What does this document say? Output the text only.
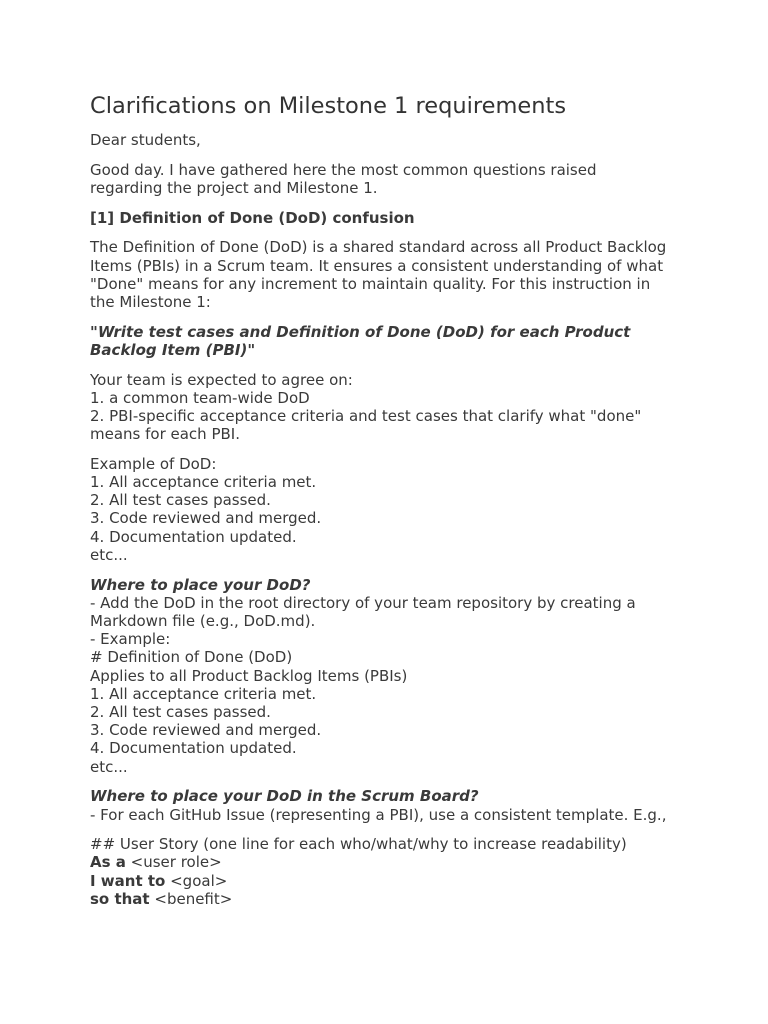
Clarifications on Milestone 1 requirements

Dear students,

Good day. I have gathered here the most common questions raised regarding the project and Milestone 1.

[1] Definition of Done (DoD) confusion

The Definition of Done (DoD) is a shared standard across all Product Backlog Items (PBIs) in a Scrum team. It ensures a consistent understanding of what "Done" means for any increment to maintain quality. For this instruction in the Milestone 1:

"Write test cases and Definition of Done (DoD) for each Product Backlog Item (PBI)"

Your team is expected to agree on:
1. a common team-wide DoD
2. PBI-specific acceptance criteria and test cases that clarify what "done" means for each PBI.

Example of DoD:
1. All acceptance criteria met.
2. All test cases passed.
3. Code reviewed and merged.
4. Documentation updated.
etc...

Where to place your DoD?
- Add the DoD in the root directory of your team repository by creating a Markdown file (e.g., DoD.md).
- Example:
# Definition of Done (DoD)
Applies to all Product Backlog Items (PBIs)
1. All acceptance criteria met.
2. All test cases passed.
3. Code reviewed and merged.
4. Documentation updated.
etc...

Where to place your DoD in the Scrum Board?
- For each GitHub Issue (representing a PBI), use a consistent template. E.g.,

## User Story (one line for each who/what/why to increase readability)
As a <user role>
I want to <goal>
so that <benefit>
